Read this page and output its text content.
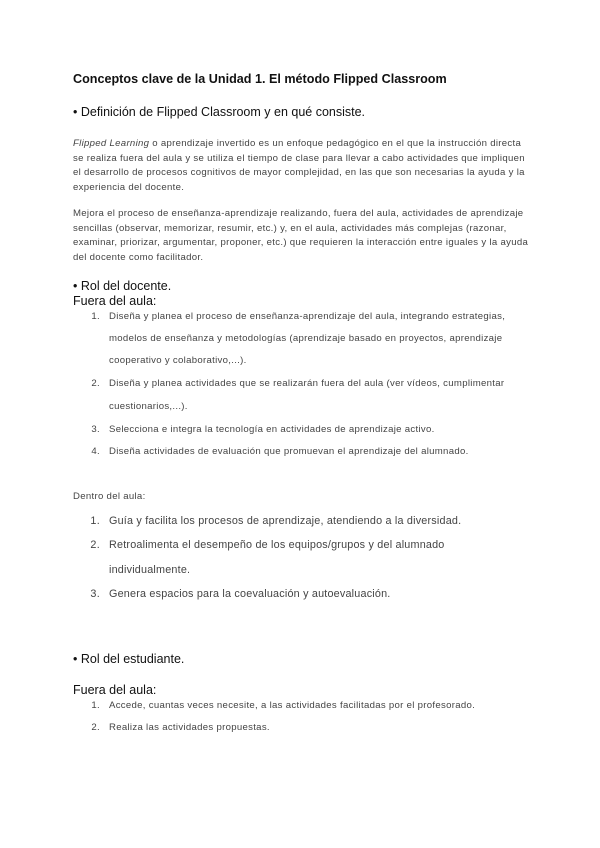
Conceptos clave de la Unidad 1. El método Flipped Classroom
• Definición de Flipped Classroom y en qué consiste.

Flipped Learning o aprendizaje invertido es un enfoque pedagógico en el que la instrucción directa se realiza fuera del aula y se utiliza el tiempo de clase para llevar a cabo actividades que impliquen el desarrollo de procesos cognitivos de mayor complejidad, en las que son necesarias la ayuda y la experiencia del docente.

Mejora el proceso de enseñanza-aprendizaje realizando, fuera del aula, actividades de aprendizaje sencillas (observar, memorizar, resumir, etc.) y, en el aula, actividades más complejas (razonar, examinar, priorizar, argumentar, proponer, etc.) que requieren la interacción entre iguales y la ayuda del docente como facilitador.

• Rol del docente.
Fuera del aula:
1. Diseña y planea el proceso de enseñanza-aprendizaje del aula, integrando estrategias,
modelos de enseñanza y metodologías (aprendizaje basado en proyectos, aprendizaje
cooperativo y colaborativo,...).
2. Diseña y planea actividades que se realizarán fuera del aula (ver vídeos, cumplimentar
cuestionarios,...).
3. Selecciona e integra la tecnología en actividades de aprendizaje activo.
4. Diseña actividades de evaluación que promuevan el aprendizaje del alumnado.
Dentro del aula:
1. Guía y facilita los procesos de aprendizaje, atendiendo a la diversidad.
2. Retroalimenta el desempeño de los equipos/grupos y del alumnado
individualmente.
3. Genera espacios para la coevaluación y autoevaluación.
• Rol del estudiante.
Fuera del aula:
1. Accede, cuantas veces necesite, a las actividades facilitadas por el profesorado.
2. Realiza las actividades propuestas.
